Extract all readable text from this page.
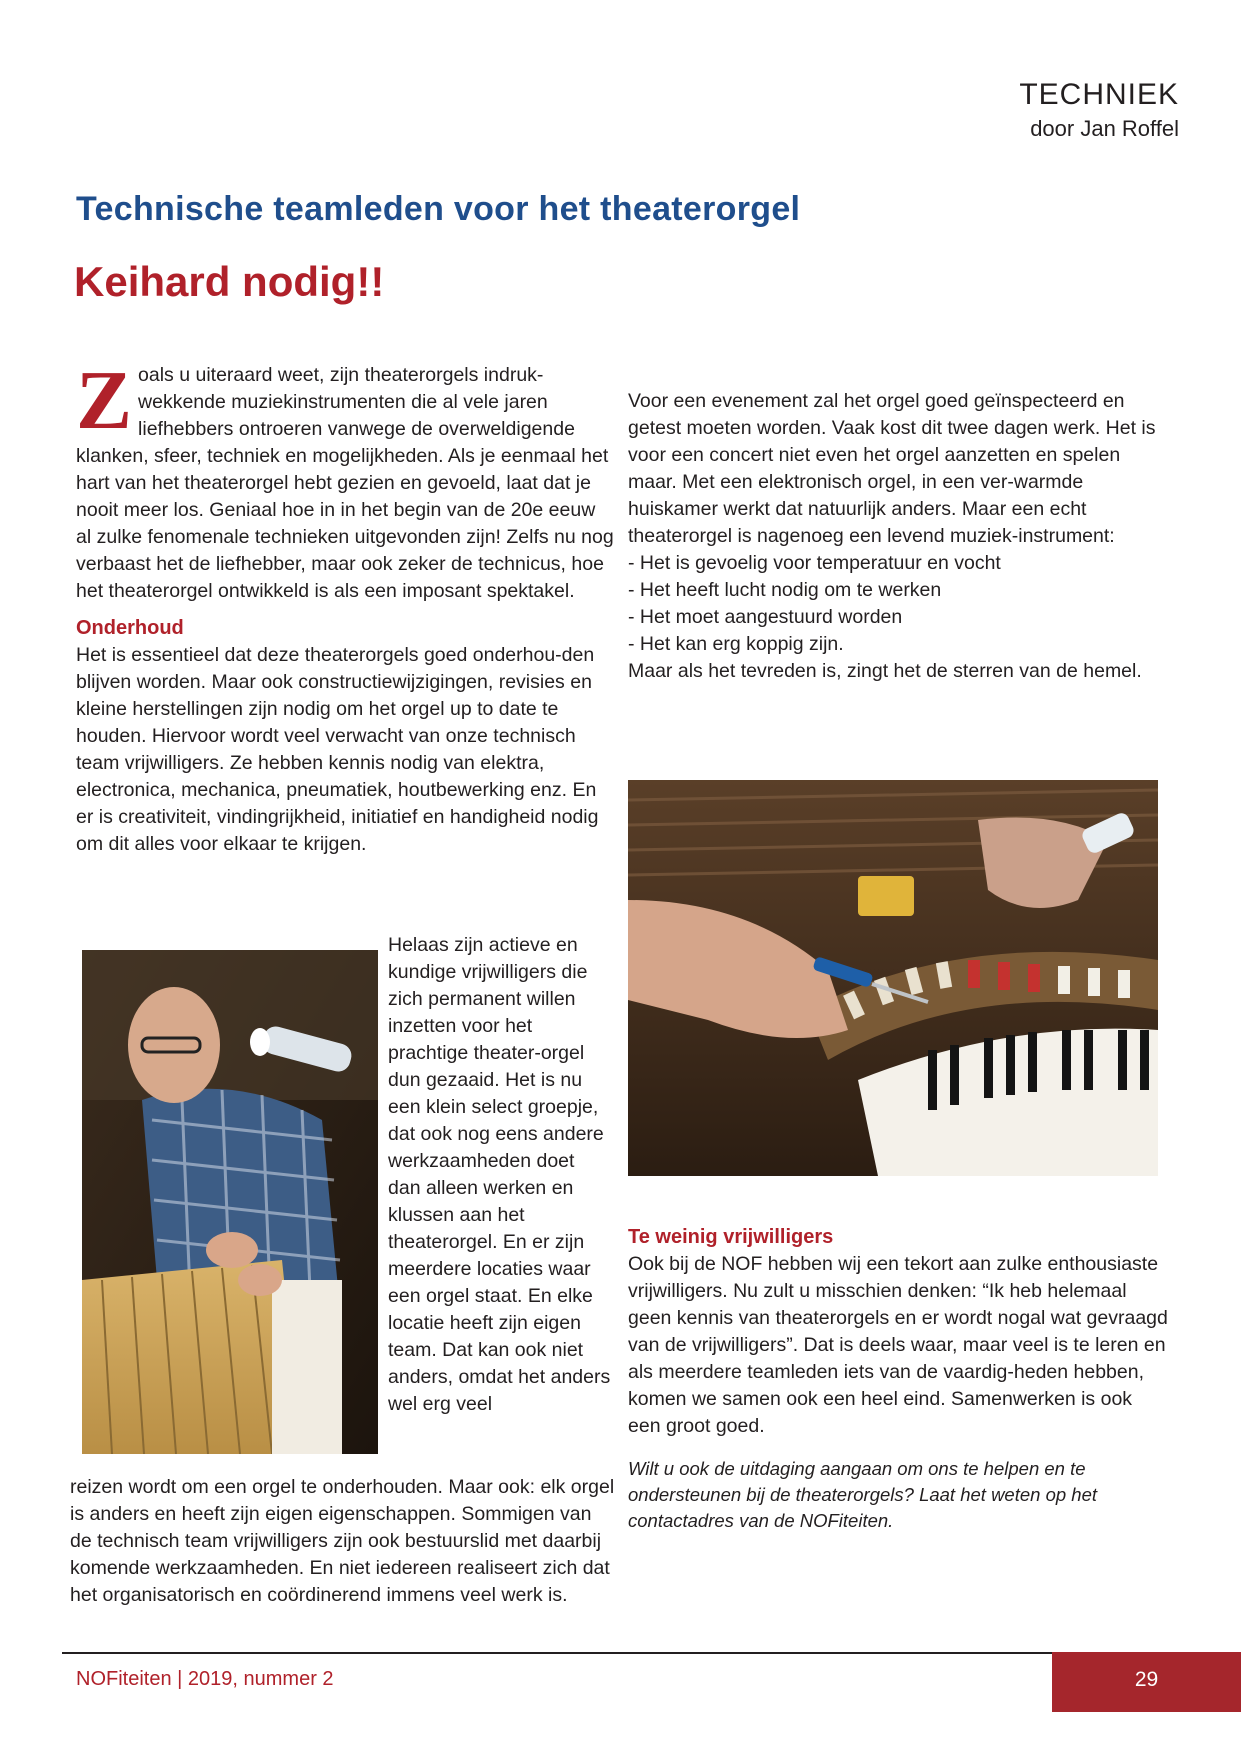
TECHNIEK
door Jan Roffel
Technische teamleden voor het theaterorgel
Keihard nodig!!

Zoals u uiteraard weet, zijn theaterorgels indruk-wekkende muziekinstrumenten die al vele jaren liefhebbers ontroeren vanwege de overweldigende klanken, sfeer, techniek en mogelijkheden. Als je eenmaal het hart van het theaterorgel hebt gezien en gevoeld, laat dat je nooit meer los. Geniaal hoe in in het begin van de 20e eeuw al zulke fenomenale technieken uitgevonden zijn! Zelfs nu nog verbaast het de liefhebber, maar ook zeker de technicus, hoe het theaterorgel ontwikkeld is als een imposant spektakel.

Onderhoud

Het is essentieel dat deze theaterorgels goed onderhou-den blijven worden. Maar ook constructiewijzigingen, revisies en kleine herstellingen zijn nodig om het orgel up to date te houden. Hiervoor wordt veel verwacht van onze technisch team vrijwilligers. Ze hebben kennis nodig van elektra, electronica, mechanica, pneumatiek, houtbewerking enz. En er is creativiteit, vindingrijkheid, initiatief en handigheid nodig om dit alles voor elkaar te krijgen.

Helaas zijn actieve en kundige vrijwilligers die zich permanent willen inzetten voor het prachtige theater-orgel dun gezaaid. Het is nu een klein select groepje, dat ook nog eens andere werkzaamheden doet dan alleen werken en klussen aan het theaterorgel. En er zijn meerdere locaties waar een orgel staat. En elke locatie heeft zijn eigen team. Dat kan ook niet anders, omdat het anders wel erg veel

reizen wordt om een orgel te onderhouden. Maar ook: elk orgel is anders en heeft zijn eigen eigenschappen. Sommigen van de technisch team vrijwilligers zijn ook bestuurslid met daarbij komende werkzaamheden. En niet iedereen realiseert zich dat het organisatorisch en coördinerend immens veel werk is.

Voor een evenement zal het orgel goed geïnspecteerd en getest moeten worden. Vaak kost dit twee dagen werk. Het is voor een concert niet even het orgel aanzetten en spelen maar. Met een elektronisch orgel, in een ver-warmde huiskamer werkt dat natuurlijk anders. Maar een echt theaterorgel is nagenoeg een levend muziek-instrument:

- Het is gevoelig voor temperatuur en vocht
- Het heeft lucht nodig om te werken
- Het moet aangestuurd worden
- Het kan erg koppig zijn.

Maar als het tevreden is, zingt het de sterren van de hemel.

Te weinig vrijwilligers

Ook bij de NOF hebben wij een tekort aan zulke enthousiaste vrijwilligers. Nu zult u misschien denken: “Ik heb helemaal geen kennis van theaterorgels en er wordt nogal wat gevraagd van de vrijwilligers”. Dat is deels waar, maar veel is te leren en als meerdere teamleden iets van de vaardig-heden hebben, komen we samen ook een heel eind. Samenwerken is ook een groot goed.

Wilt u ook de uitdaging aangaan om ons te helpen en te ondersteunen bij de theaterorgels? Laat het weten op het contactadres van de NOFiteiten.

NOFiteiten | 2019, nummer 2	29
